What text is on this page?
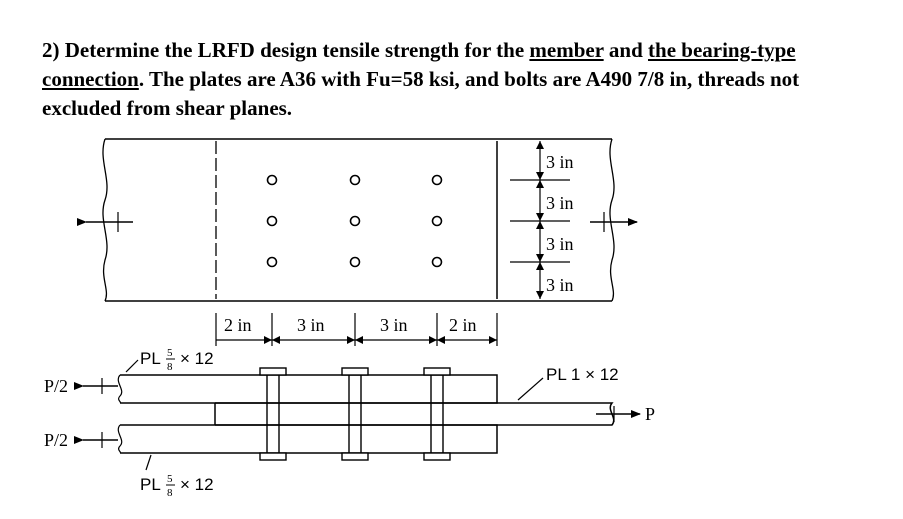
2) Determine the LRFD design tensile strength for the member and the bearing-type connection. The plates are A36 with Fu=58 ksi, and bolts are A490 7/8 in, threads not excluded from shear planes.
3 in
3 in
3 in
3 in
2 in	3 in	3 in 2 in
P/2
P/2
P
PL 5
8 × 12
PL 5
8 × 12
PL 1 × 12
